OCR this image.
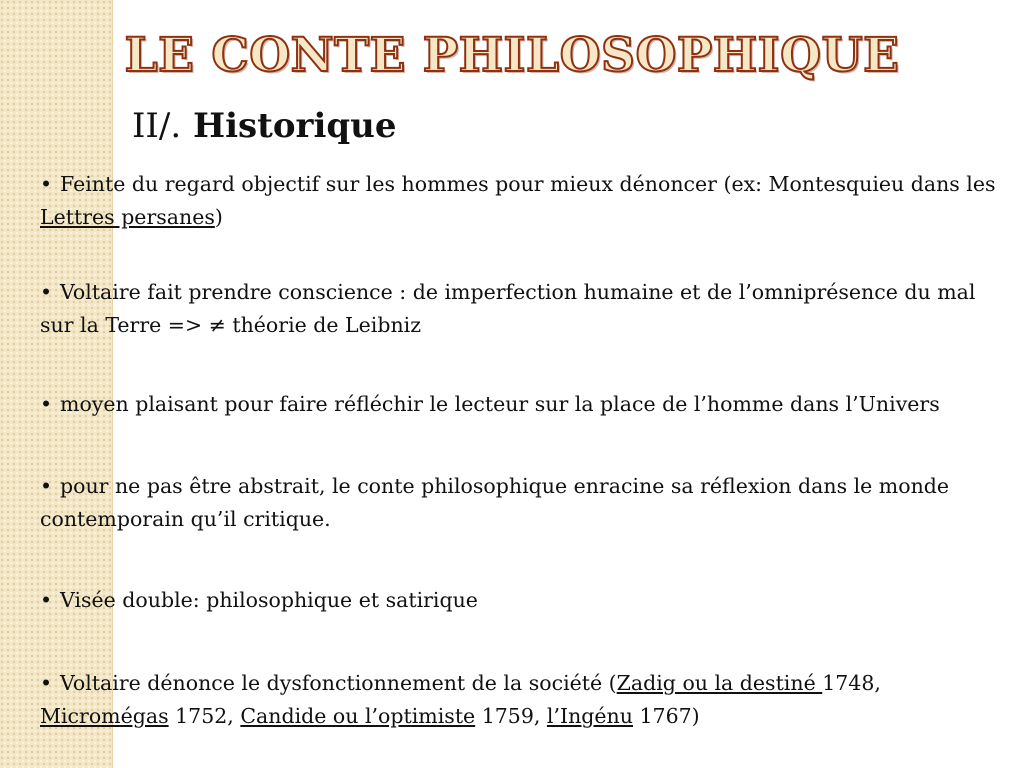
LE CONTE PHILOSOPHIQUE
II/. Historique

• Feinte du regard objectif sur les hommes pour mieux dénoncer (ex: Montesquieu dans les Lettres persanes)

• Voltaire fait prendre conscience : de imperfection humaine et de l’omniprésence du mal sur la Terre => ≠ théorie de Leibniz

• moyen plaisant pour faire réfléchir le lecteur sur la place de l’homme dans l’Univers

• pour ne pas être abstrait, le conte philosophique enracine sa réflexion dans le monde contemporain qu’il critique.

• Visée double: philosophique et satirique

• Voltaire dénonce le dysfonctionnement de la société (Zadig ou la destiné 1748, Micromégas 1752, Candide ou l’optimiste 1759, l’Ingénu 1767)
